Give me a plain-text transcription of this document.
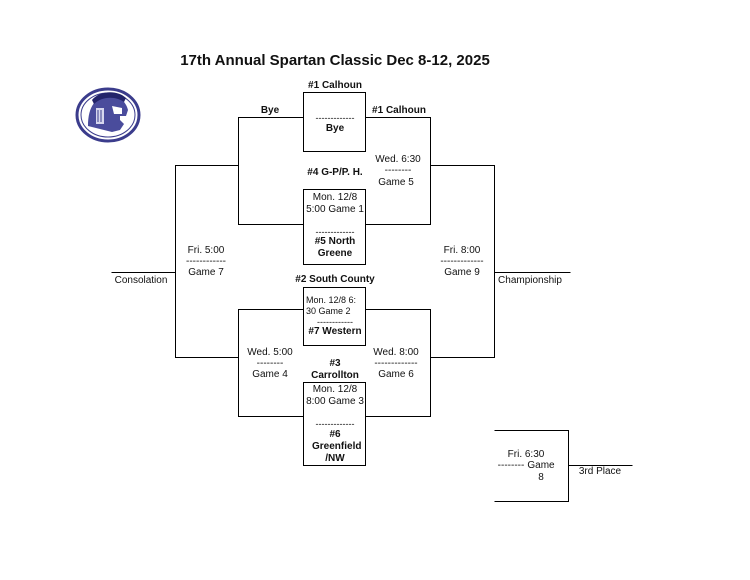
17th Annual Spartan Classic Dec 8-12, 2025
#1 Calhoun
Bye	#1 Calhoun
-------------
Bye
Wed. 6:30
--------
Game 5
#4 G-P/P. H.
Mon. 12/8 5:00 Game 1
-------------
#5 North Greene
Fri. 5:00
------------
Game 7
Consolation
Fri. 8:00
-------------
Game 9
Championship
#2 South County
Mon. 12/8 6: 30 Game 2
------------
#7 Western
Wed. 5:00
--------
Game 4
Wed. 8:00
-------------
Game 6
#3 Carrollton
Mon. 12/8 8:00 Game 3
-------------
#6 Greenfield /NW	Fri. 6:30
-------- Game 8
3rd Place
